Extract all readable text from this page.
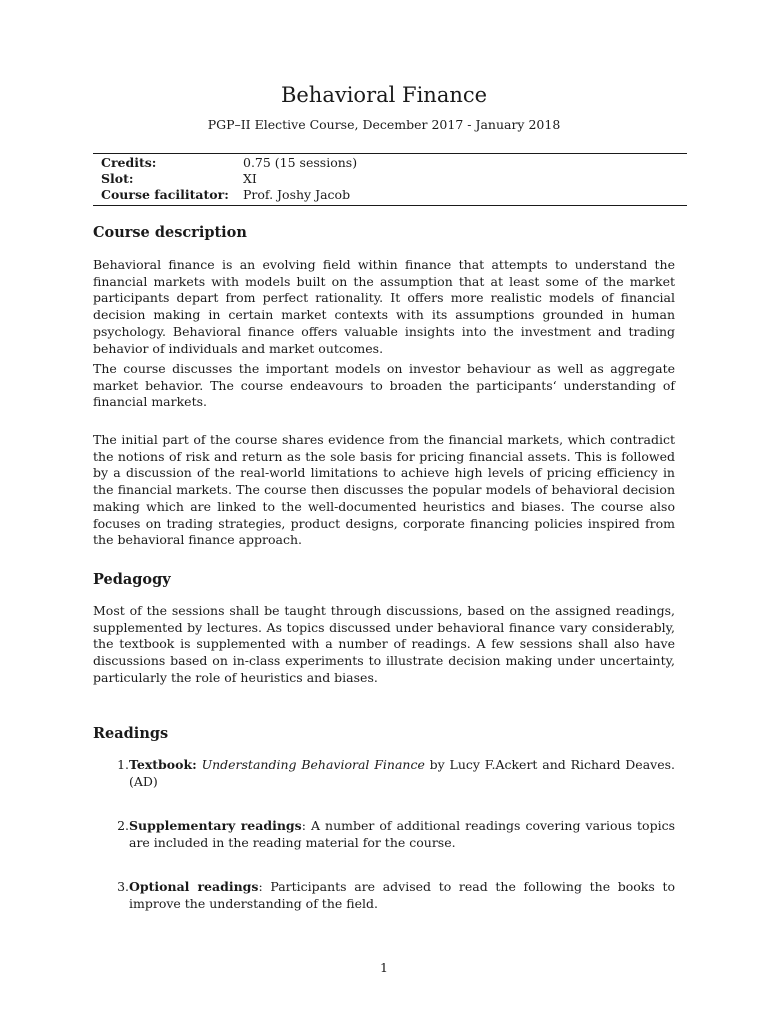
Behavioral Finance
PGP–II Elective Course, December 2017 - January 2018
Credits:	0.75 (15 sessions)
Slot:	XI
Course facilitator:	Prof. Joshy Jacob
Course description
Behavioral finance is an evolving field within finance that attempts to understand the financial markets with models built on the assumption that at least some of the market participants depart from perfect rationality. It offers more realistic models of financial decision making in certain market contexts with its assumptions grounded in human psychology. Behavioral finance offers valuable insights into the investment and trading behavior of individuals and market outcomes.
The course discusses the important models on investor behaviour as well as aggregate market behavior. The course endeavours to broaden the participants‘ understanding of financial markets.
The initial part of the course shares evidence from the financial markets, which contradict the notions of risk and return as the sole basis for pricing financial assets. This is followed by a discussion of the real-world limitations to achieve high levels of pricing efficiency in the financial markets. The course then discusses the popular models of behavioral decision making which are linked to the well-documented heuristics and biases. The course also focuses on trading strategies, product designs, corporate financing policies inspired from the behavioral finance approach.
Pedagogy
Most of the sessions shall be taught through discussions, based on the assigned readings, supplemented by lectures. As topics discussed under behavioral finance vary considerably, the textbook is supplemented with a number of readings. A few sessions shall also have discussions based on in-class experiments to illustrate decision making under uncertainty, particularly the role of heuristics and biases.
Readings
1. Textbook: Understanding Behavioral Finance by Lucy F.Ackert and Richard Deaves. (AD)
2. Supplementary readings: A number of additional readings covering various topics are included in the reading material for the course.
3. Optional readings: Participants are advised to read the following the books to improve the understanding of the field.
1
